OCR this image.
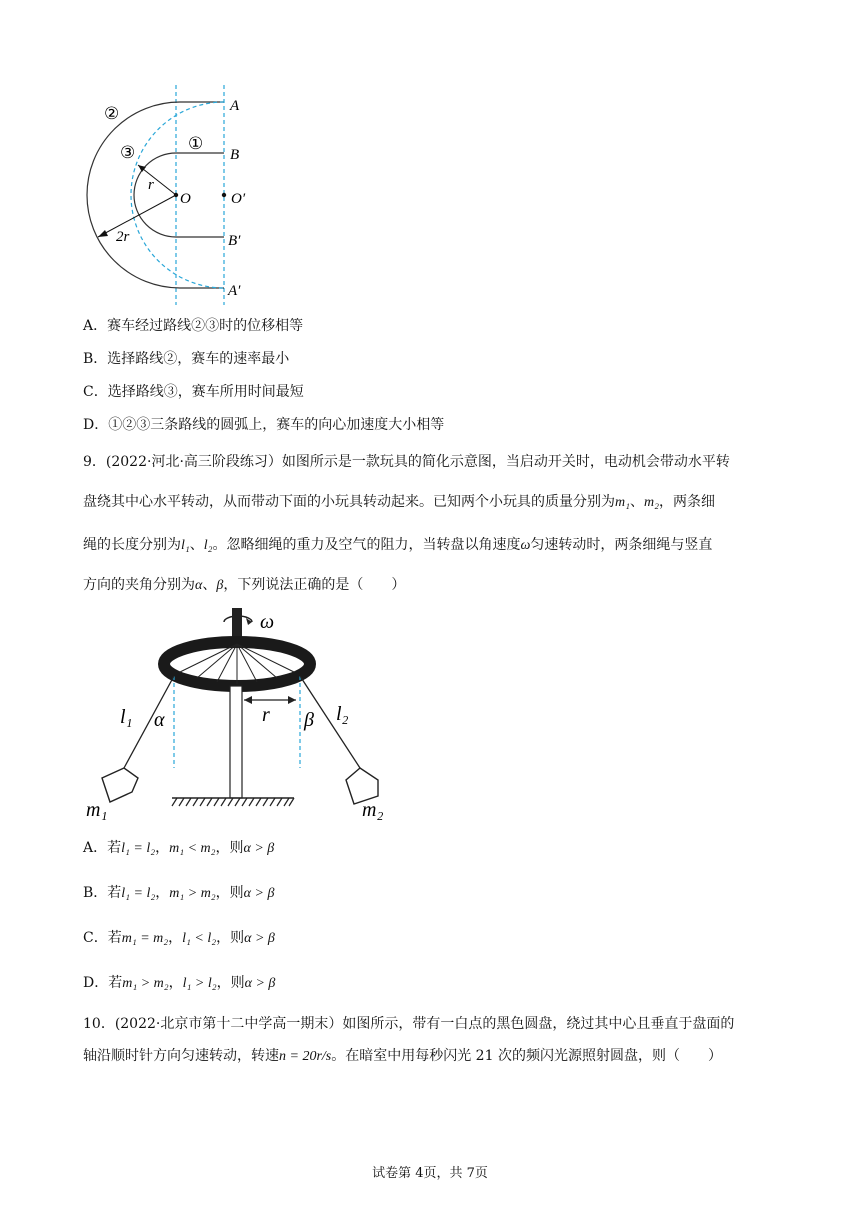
②
③	①
A
B
O	O′
B′
A′
r
2r
A．赛车经过路线②③时的位移相等
B．选择路线②，赛车的速率最小
C．选择路线③，赛车所用时间最短
D．①②③三条路线的圆弧上，赛车的向心加速度大小相等
9．(2022·河北·高三阶段练习）如图所示是一款玩具的简化示意图，当启动开关时，电动机会带动水平转
盘绕其中心水平转动，从而带动下面的小玩具转动起来。已知两个小玩具的质量分别为m₁、m₂，两条细
绳的长度分别为l₁、l₂。忽略细绳的重力及空气的阻力，当转盘以角速度ω匀速转动时，两条细绳与竖直
方向的夹角分别为α、β，下列说法正确的是（　　）
ω
r
l₁ α	β l₂
m₁	m₂
A．若l₁ = l₂，m₁ < m₂，则α > β
B．若l₁ = l₂，m₁ > m₂，则α > β
C．若m₁ = m₂，l₁ < l₂，则α > β
D．若m₁ > m₂，l₁ > l₂，则α > β
10．(2022·北京市第十二中学高一期末）如图所示，带有一白点的黑色圆盘，绕过其中心且垂直于盘面的
轴沿顺时针方向匀速转动，转速n = 20r/s。在暗室中用每秒闪光 21 次的频闪光源照射圆盘，则（　　）
试卷第 4页，共 7页
